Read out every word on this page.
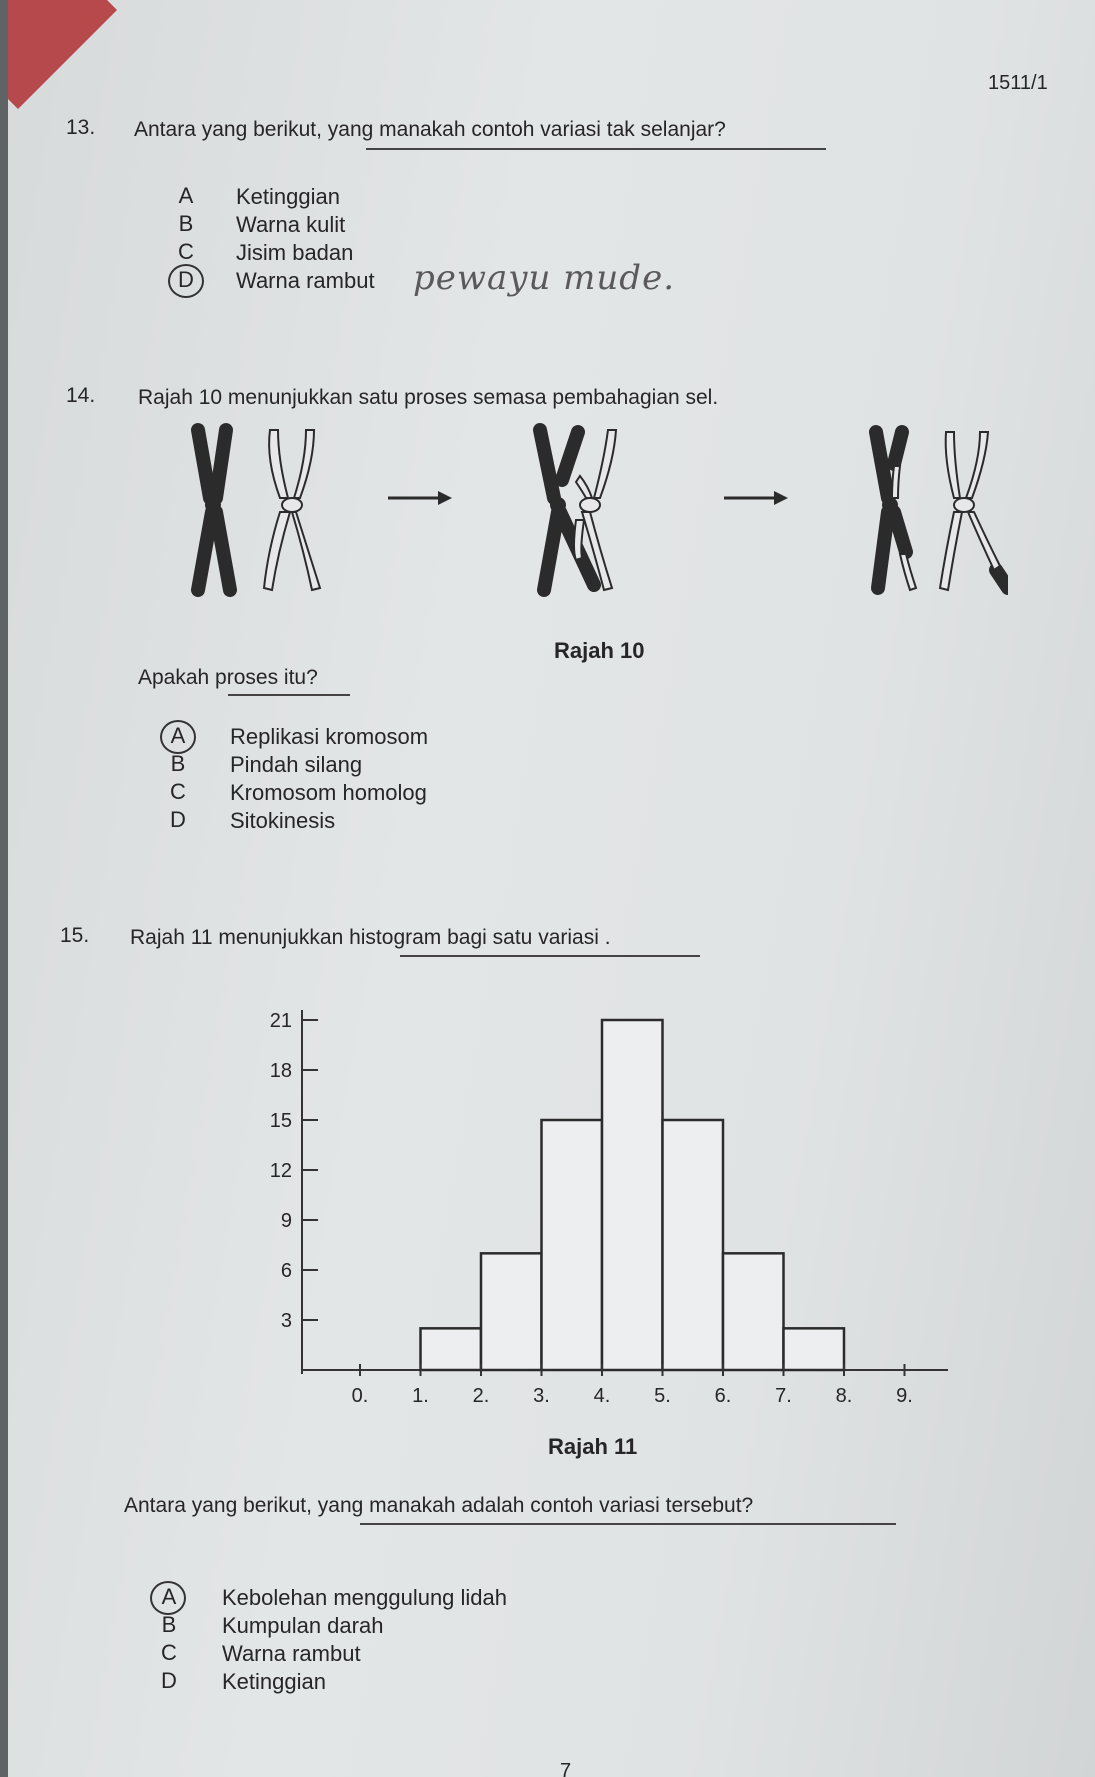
1511/1
13. Antara yang berikut, yang manakah contoh variasi tak selanjar?
A	Ketinggian
B	Warna kulit
C	Jisim badan
D	Warna rambut pewayu mude.
14. Rajah 10 menunjukkan satu proses semasa pembahagian sel.
Rajah 10
Apakah proses itu?
A	Replikasi kromosom
B	Pindah silang
C	Kromosom homolog
D	Sitokinesis
15. Rajah 11 menunjukkan histogram bagi satu variasi .
3
6
9
12
15
18
21
0. 1. 2. 3. 4. 5. 6. 7. 8. 9.
Rajah 11
Antara yang berikut, yang manakah adalah contoh variasi tersebut?
A	Kebolehan menggulung lidah
B	Kumpulan darah
C	Warna rambut
D	Ketinggian
7
